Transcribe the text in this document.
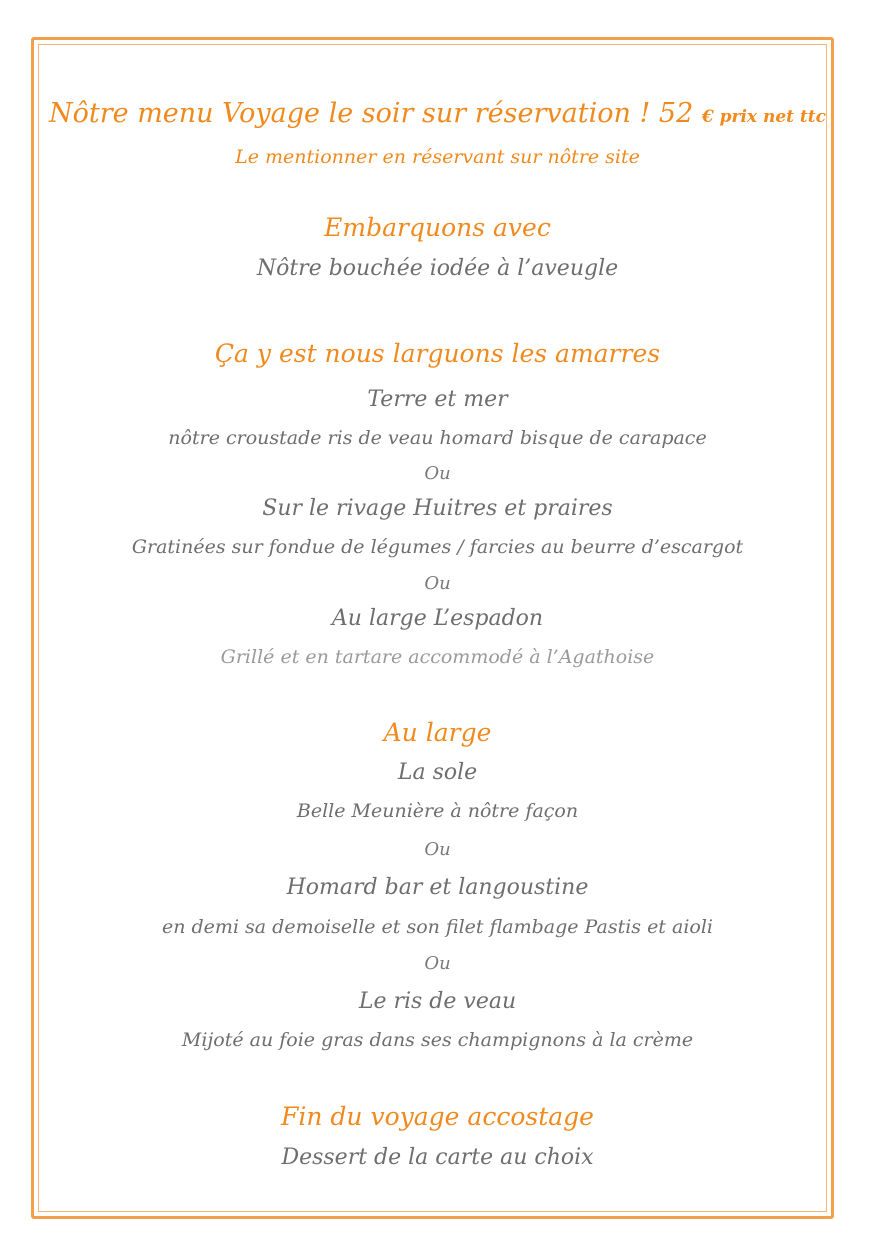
Nôtre menu Voyage le soir sur réservation ! 52 € prix net ttc
Le mentionner en réservant sur nôtre site
Embarquons avec
Nôtre bouchée iodée à l’aveugle
Ça y est nous larguons les amarres
Terre et mer
nôtre croustade ris de veau homard bisque de carapace
Ou
Sur le rivage Huitres et praires
Gratinées sur fondue de légumes / farcies au beurre d’escargot
Ou
Au large L’espadon
Grillé et en tartare accommodé à l’Agathoise
Au large
La sole
Belle Meunière à nôtre façon
Ou
Homard bar et langoustine
en demi sa demoiselle et son filet flambage Pastis et aioli
Ou
Le ris de veau
Mijoté au foie gras dans ses champignons à la crème
Fin du voyage accostage
Dessert de la carte au choix
